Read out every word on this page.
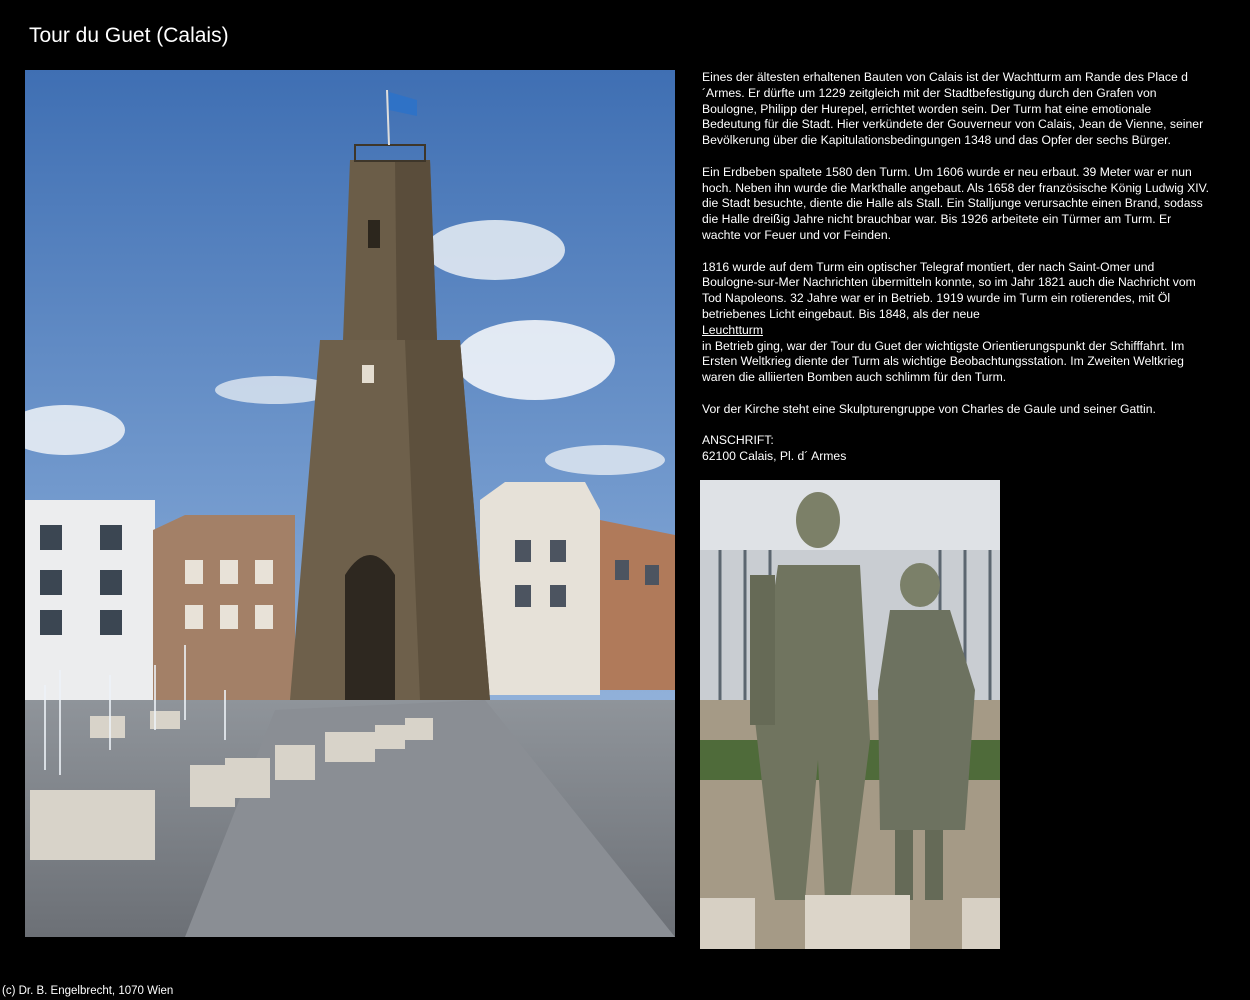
Tour du Guet (Calais)

Eines der ältesten erhaltenen Bauten von Calais ist der Wachtturm am Rande des Place d´Armes. Er dürfte um 1229 zeitgleich mit der Stadtbefestigung durch den Grafen von Boulogne, Philipp der Hurepel, errichtet worden sein. Der Turm hat eine emotionale Bedeutung für die Stadt. Hier verkündete der Gouverneur von Calais, Jean de Vienne, seiner Bevölkerung über die Kapitulationsbedingungen 1348 und das Opfer der sechs Bürger.

Ein Erdbeben spaltete 1580 den Turm. Um 1606 wurde er neu erbaut. 39 Meter war er nun hoch. Neben ihn wurde die Markthalle angebaut. Als 1658 der französische König Ludwig XIV. die Stadt besuchte, diente die Halle als Stall. Ein Stalljunge verursachte einen Brand, sodass die Halle dreißig Jahre nicht brauchbar war. Bis 1926 arbeitete ein Türmer am Turm. Er wachte vor Feuer und vor Feinden.

1816 wurde auf dem Turm ein optischer Telegraf montiert, der nach Saint-Omer und Boulogne-sur-Mer Nachrichten übermitteln konnte, so im Jahr 1821 auch die Nachricht vom Tod Napoleons. 32 Jahre war er in Betrieb. 1919 wurde im Turm ein rotierendes, mit Öl betriebenes Licht eingebaut. Bis 1848, als der neue
Leuchtturm
in Betrieb ging, war der Tour du Guet der wichtigste Orientierungspunkt der Schifffahrt. Im Ersten Weltkrieg diente der Turm als wichtige Beobachtungsstation. Im Zweiten Weltkrieg waren die alliierten Bomben auch schlimm für den Turm.

Vor der Kirche steht eine Skulpturengruppe von Charles de Gaule und seiner Gattin.

ANSCHRIFT:
62100 Calais, Pl. d´ Armes

(c) Dr. B. Engelbrecht, 1070 Wien
